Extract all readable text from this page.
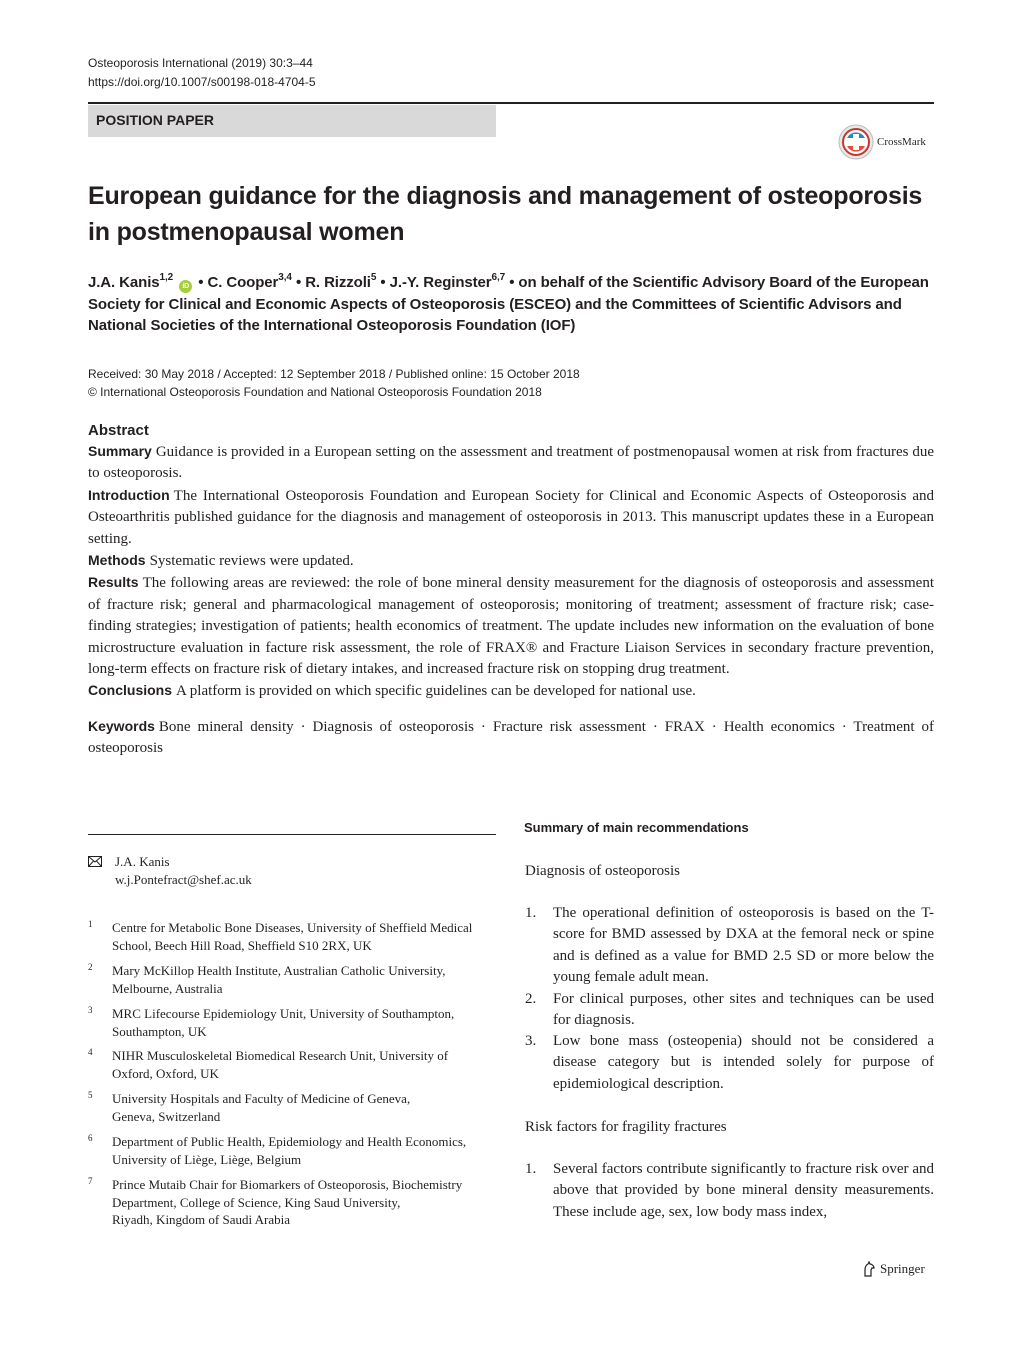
Osteoporosis International (2019) 30:3–44
https://doi.org/10.1007/s00198-018-4704-5
POSITION PAPER
CrossMark
European guidance for the diagnosis and management of osteoporosis
in postmenopausal women
J.A. Kanis$^{1,2}$ iD • C. Cooper$^{3,4}$ • R. Rizzoli$^5$ • J.-Y. Reginster$^{6,7}$ • on behalf of the Scientific Advisory Board of the European
Society for Clinical and Economic Aspects of Osteoporosis (ESCEO) and the Committees of Scientific Advisors and
National Societies of the International Osteoporosis Foundation (IOF)
Received: 30 May 2018 / Accepted: 12 September 2018 / Published online: 15 October 2018
© International Osteoporosis Foundation and National Osteoporosis Foundation 2018
Abstract

Summary Guidance is provided in a European setting on the assessment and treatment of postmenopausal women at risk from fractures due to osteoporosis.

Introduction The International Osteoporosis Foundation and European Society for Clinical and Economic Aspects of Osteoporosis and Osteoarthritis published guidance for the diagnosis and management of osteoporosis in 2013. This manuscript updates these in a European setting.

Methods Systematic reviews were updated.

Results The following areas are reviewed: the role of bone mineral density measurement for the diagnosis of osteoporosis and assessment of fracture risk; general and pharmacological management of osteoporosis; monitoring of treatment; assessment of fracture risk; case-finding strategies; investigation of patients; health economics of treatment. The update includes new information on the evaluation of bone microstructure evaluation in facture risk assessment, the role of FRAX® and Fracture Liaison Services in secondary fracture prevention, long-term effects on fracture risk of dietary intakes, and increased fracture risk on stopping drug treatment.

Conclusions A platform is provided on which specific guidelines can be developed for national use.

Keywords Bone mineral density · Diagnosis of osteoporosis · Fracture risk assessment · FRAX · Health economics · Treatment of osteoporosis

J.A. Kanis
w.j.Pontefract@shef.ac.uk
1 Centre for Metabolic Bone Diseases, University of Sheffield Medical
School, Beech Hill Road, Sheffield S10 2RX, UK
2 Mary McKillop Health Institute, Australian Catholic University,
Melbourne, Australia
3 MRC Lifecourse Epidemiology Unit, University of Southampton,
Southampton, UK
4 NIHR Musculoskeletal Biomedical Research Unit, University of
Oxford, Oxford, UK
5 University Hospitals and Faculty of Medicine of Geneva,
Geneva, Switzerland
6 Department of Public Health, Epidemiology and Health Economics,
University of Liège, Liège, Belgium
7 Prince Mutaib Chair for Biomarkers of Osteoporosis, Biochemistry
Department, College of Science, King Saud University,
Riyadh, Kingdom of Saudi Arabia
Summary of main recommendations
Diagnosis of osteoporosis
1. The operational definition of osteoporosis is based on the T-score for BMD assessed by DXA at the femoral neck or spine and is defined as a value for BMD 2.5 SD or more below the young female adult mean.
2. For clinical purposes, other sites and techniques can be used for diagnosis.
3. Low bone mass (osteopenia) should not be considered a disease category but is intended solely for purpose of epidemiological description.
Risk factors for fragility fractures
1. Several factors contribute significantly to fracture risk over and above that provided by bone mineral density measurements. These include age, sex, low body mass index,
Springer
